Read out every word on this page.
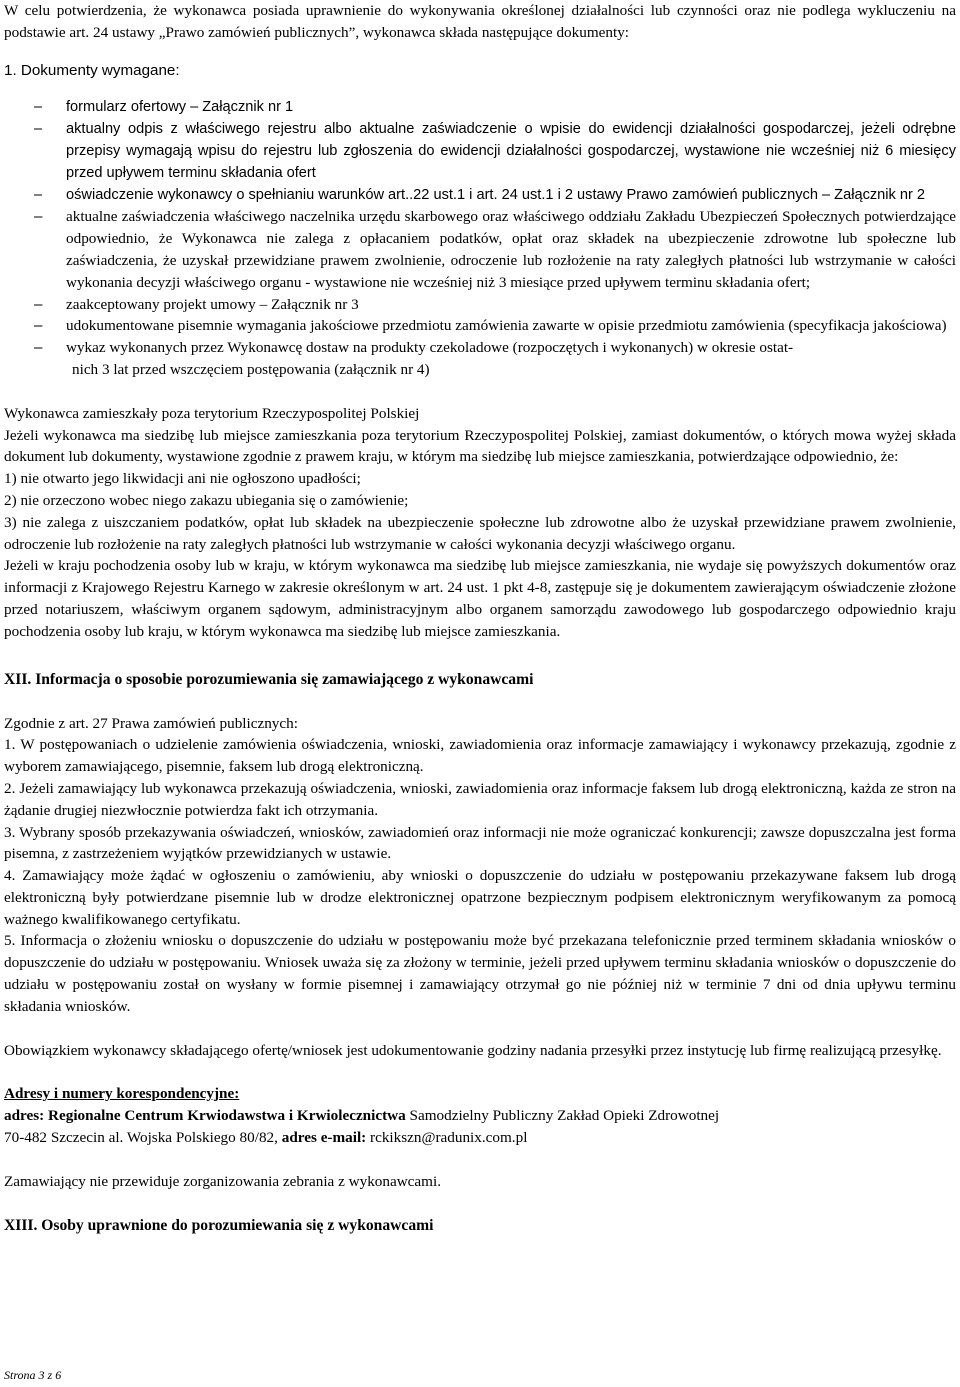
W celu potwierdzenia, że wykonawca posiada uprawnienie do wykonywania określonej działalności lub czynności oraz nie podlega wykluczeniu na podstawie art. 24 ustawy „Prawo zamówień publicznych”, wykonawca składa następujące dokumenty:

1. Dokumenty wymagane:

– formularz ofertowy – Załącznik nr 1
– aktualny odpis z właściwego rejestru albo aktualne zaświadczenie o wpisie do ewidencji działalności gospodarczej, jeżeli odrębne przepisy wymagają wpisu do rejestru lub zgłoszenia do ewidencji działalności gospodarczej, wystawione nie wcześniej niż 6 miesięcy przed upływem terminu składania ofert
– oświadczenie wykonawcy o spełnianiu warunków art..22 ust.1 i art. 24 ust.1 i 2 ustawy Prawo zamówień publicznych – Załącznik nr 2
– aktualne zaświadczenia właściwego naczelnika urzędu skarbowego oraz właściwego oddziału Zakładu Ubezpieczeń Społecznych potwierdzające odpowiednio, że Wykonawca nie zalega z opłacaniem podatków, opłat oraz składek na ubezpieczenie zdrowotne lub społeczne lub zaświadczenia, że uzyskał przewidziane prawem zwolnienie, odroczenie lub rozłożenie na raty zaległych płatności lub wstrzymanie w całości wykonania decyzji właściwego organu - wystawione nie wcześniej niż 3 miesiące przed upływem terminu składania ofert;
– zaakceptowany projekt umowy – Załącznik nr 3
– udokumentowane pisemnie wymagania jakościowe przedmiotu zamówienia zawarte w opisie przedmiotu zamówienia (specyfikacja jakościowa)
– wykaz wykonanych przez Wykonawcę dostaw na produkty czekoladowe (rozpoczętych i wykonanych) w okresie ostat-

nich 3 lat przed wszczęciem postępowania (załącznik nr 4)

Wykonawca zamieszkały poza terytorium Rzeczypospolitej Polskiej

Jeżeli wykonawca ma siedzibę lub miejsce zamieszkania poza terytorium Rzeczypospolitej Polskiej, zamiast dokumentów, o których mowa wyżej składa dokument lub dokumenty, wystawione zgodnie z prawem kraju, w którym ma siedzibę lub miejsce zamieszkania, potwierdzające odpowiednio, że:

1) nie otwarto jego likwidacji ani nie ogłoszono upadłości;

2) nie orzeczono wobec niego zakazu ubiegania się o zamówienie;

3) nie zalega z uiszczaniem podatków, opłat lub składek na ubezpieczenie społeczne lub zdrowotne albo że uzyskał przewidziane prawem zwolnienie, odroczenie lub rozłożenie na raty zaległych płatności lub wstrzymanie w całości wykonania decyzji właściwego organu.

Jeżeli w kraju pochodzenia osoby lub w kraju, w którym wykonawca ma siedzibę lub miejsce zamieszkania, nie wydaje się powyższych dokumentów oraz informacji z Krajowego Rejestru Karnego w zakresie określonym w art. 24 ust. 1 pkt 4-8, zastępuje się je dokumentem zawierającym oświadczenie złożone przed notariuszem, właściwym organem sądowym, administracyjnym albo organem samorządu zawodowego lub gospodarczego odpowiednio kraju pochodzenia osoby lub kraju, w którym wykonawca ma siedzibę lub miejsce zamieszkania.

XII. Informacja o sposobie porozumiewania się zamawiającego z wykonawcami

Zgodnie z art. 27 Prawa zamówień publicznych:

1. W postępowaniach o udzielenie zamówienia oświadczenia, wnioski, zawiadomienia oraz informacje zamawiający i wykonawcy przekazują, zgodnie z wyborem zamawiającego, pisemnie, faksem lub drogą elektroniczną.

2. Jeżeli zamawiający lub wykonawca przekazują oświadczenia, wnioski, zawiadomienia oraz informacje faksem lub drogą elektroniczną, każda ze stron na żądanie drugiej niezwłocznie potwierdza fakt ich otrzymania.

3. Wybrany sposób przekazywania oświadczeń, wniosków, zawiadomień oraz informacji nie może ograniczać konkurencji; zawsze dopuszczalna jest forma pisemna, z zastrzeżeniem wyjątków przewidzianych w ustawie.

4. Zamawiający może żądać w ogłoszeniu o zamówieniu, aby wnioski o dopuszczenie do udziału w postępowaniu przekazywane faksem lub drogą elektroniczną były potwierdzane pisemnie lub w drodze elektronicznej opatrzone bezpiecznym podpisem elektronicznym weryfikowanym za pomocą ważnego kwalifikowanego certyfikatu.

5. Informacja o złożeniu wniosku o dopuszczenie do udziału w postępowaniu może być przekazana telefonicznie przed terminem składania wniosków o dopuszczenie do udziału w postępowaniu. Wniosek uważa się za złożony w terminie, jeżeli przed upływem terminu składania wniosków o dopuszczenie do udziału w postępowaniu został on wysłany w formie pisemnej i zamawiający otrzymał go nie później niż w terminie 7 dni od dnia upływu terminu składania wniosków.

Obowiązkiem wykonawcy składającego ofertę/wniosek jest udokumentowanie godziny nadania przesyłki przez instytucję lub firmę realizującą przesyłkę.

Adresy i numery korespondencyjne:

adres: Regionalne Centrum Krwiodawstwa i Krwiolecznictwa Samodzielny Publiczny Zakład Opieki Zdrowotnej

70-482 Szczecin al. Wojska Polskiego 80/82, adres e-mail: rckikszn@radunix.com.pl

Zamawiający nie przewiduje zorganizowania zebrania z wykonawcami.

XIII. Osoby uprawnione do porozumiewania się z wykonawcami

Strona 3 z 6
